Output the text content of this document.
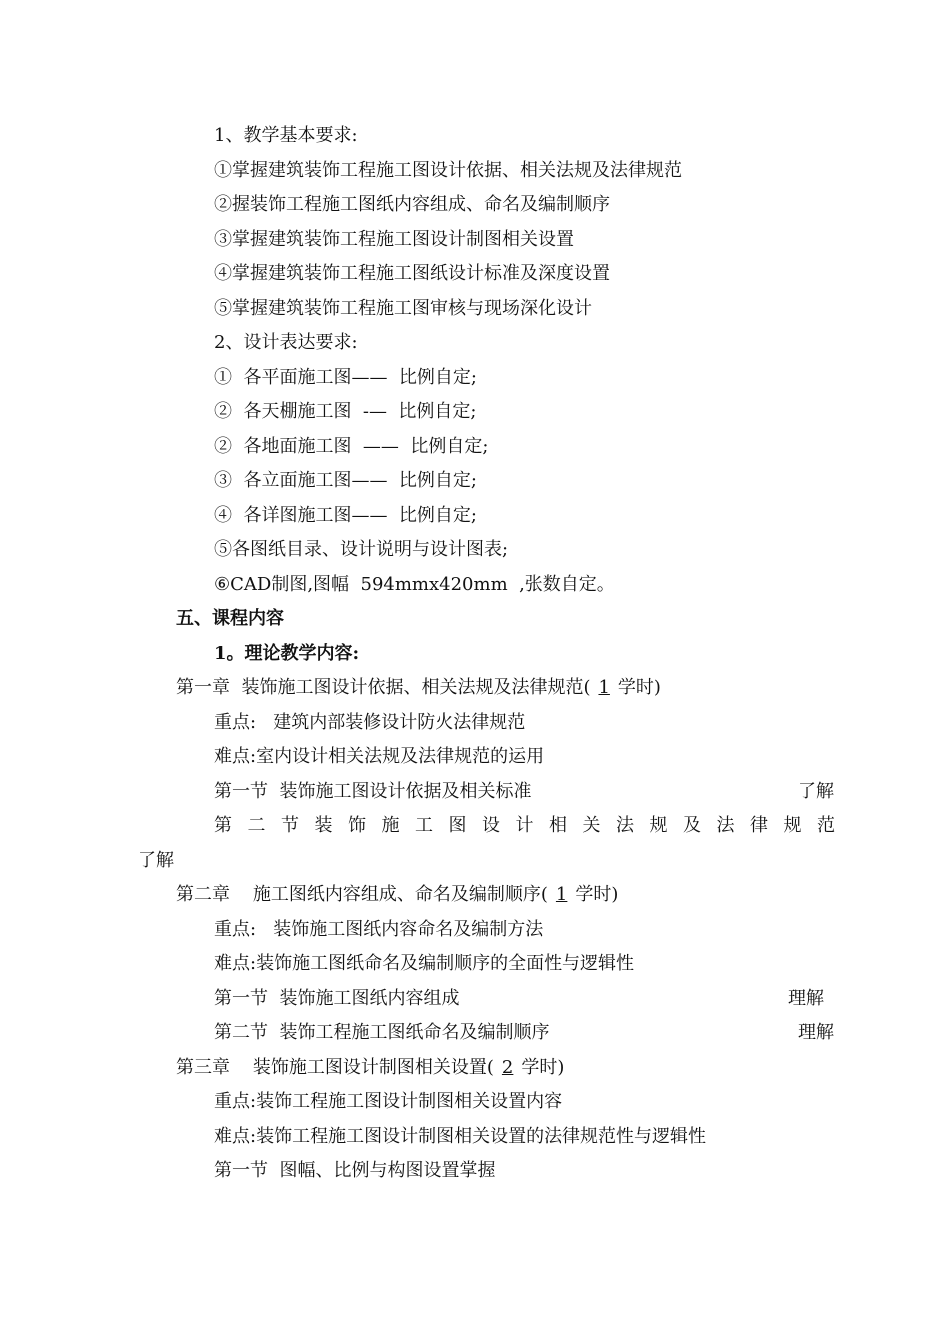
1、教学基本要求:
①掌握建筑装饰工程施工图设计依据、相关法规及法律规范
②握装饰工程施工图纸内容组成、命名及编制顺序
③掌握建筑装饰工程施工图设计制图相关设置
④掌握建筑装饰工程施工图纸设计标准及深度设置
⑤掌握建筑装饰工程施工图审核与现场深化设计
2、设计表达要求:
①  各平面施工图——  比例自定;
②  各天棚施工图  -—  比例自定;
②  各地面施工图  ——  比例自定;
③  各立面施工图——  比例自定;
④  各详图施工图——  比例自定;
⑤各图纸目录、设计说明与设计图表;
⑥CAD制图,图幅  594mmx420mm  ,张数自定。
五、课程内容
1。理论教学内容:
第一章  装饰施工图设计依据、相关法规及法律规范( 1 学时)
重点:   建筑内部装修设计防火法律规范
难点:室内设计相关法规及法律规范的运用
第一节  装饰施工图设计依据及相关标准	了解
第 二 节 装 饰 施 工 图 设 计 相 关 法 规 及 法 律 规 范
了解
第二章    施工图纸内容组成、命名及编制顺序( 1 学时)
重点:   装饰施工图纸内容命名及编制方法
难点:装饰施工图纸命名及编制顺序的全面性与逻辑性
第一节  装饰施工图纸内容组成	理解
第二节  装饰工程施工图纸命名及编制顺序	理解
第三章    装饰施工图设计制图相关设置( 2 学时)
重点:装饰工程施工图设计制图相关设置内容
难点:装饰工程施工图设计制图相关设置的法律规范性与逻辑性
第一节  图幅、比例与构图设置掌握
